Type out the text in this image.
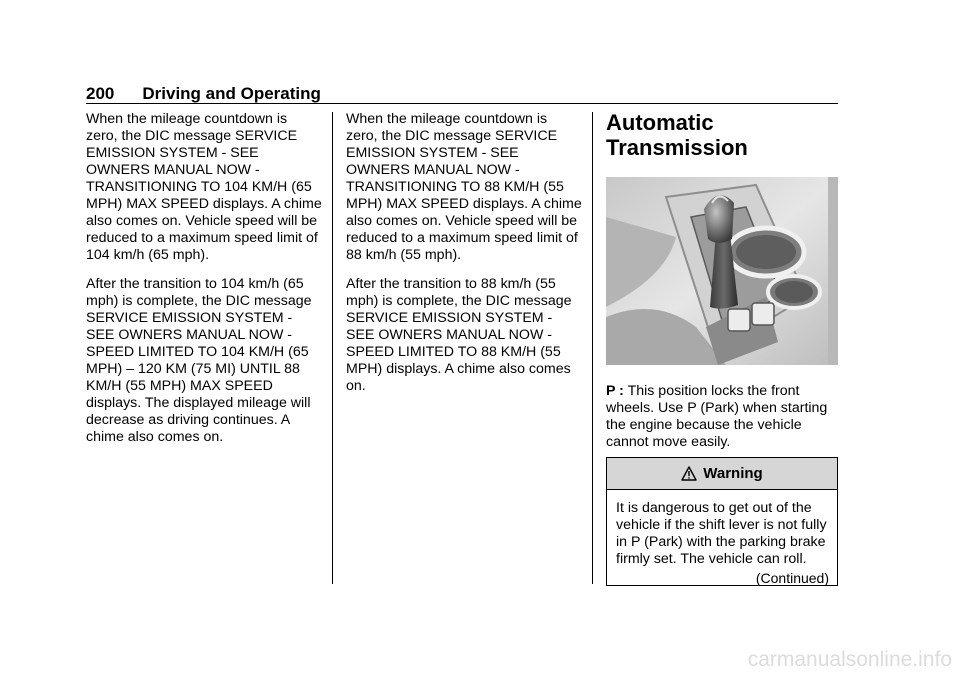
200 Driving and Operating

When the mileage countdown is zero, the DIC message SERVICE EMISSION SYSTEM - SEE OWNERS MANUAL NOW - TRANSITIONING TO 104 KM/H (65 MPH) MAX SPEED displays. A chime also comes on. Vehicle speed will be reduced to a maximum speed limit of 104 km/h (65 mph).

After the transition to 104 km/h (65 mph) is complete, the DIC message SERVICE EMISSION SYSTEM - SEE OWNERS MANUAL NOW - SPEED LIMITED TO 104 KM/H (65 MPH) – 120 KM (75 MI) UNTIL 88 KM/H (55 MPH) MAX SPEED displays. The displayed mileage will decrease as driving continues. A chime also comes on.

When the mileage countdown is zero, the DIC message SERVICE EMISSION SYSTEM - SEE OWNERS MANUAL NOW - TRANSITIONING TO 88 KM/H (55 MPH) MAX SPEED displays. A chime also comes on. Vehicle speed will be reduced to a maximum speed limit of 88 km/h (55 mph).

After the transition to 88 km/h (55 mph) is complete, the DIC message SERVICE EMISSION SYSTEM - SEE OWNERS MANUAL NOW - SPEED LIMITED TO 88 KM/H (55 MPH) displays. A chime also comes on.

Automatic
Transmission

P : This position locks the front wheels. Use P (Park) when starting the engine because the vehicle cannot move easily.

Warning
It is dangerous to get out of the vehicle if the shift lever is not fully in P (Park) with the parking brake firmly set. The vehicle can roll.
(Continued)
carmanualsonline.info
